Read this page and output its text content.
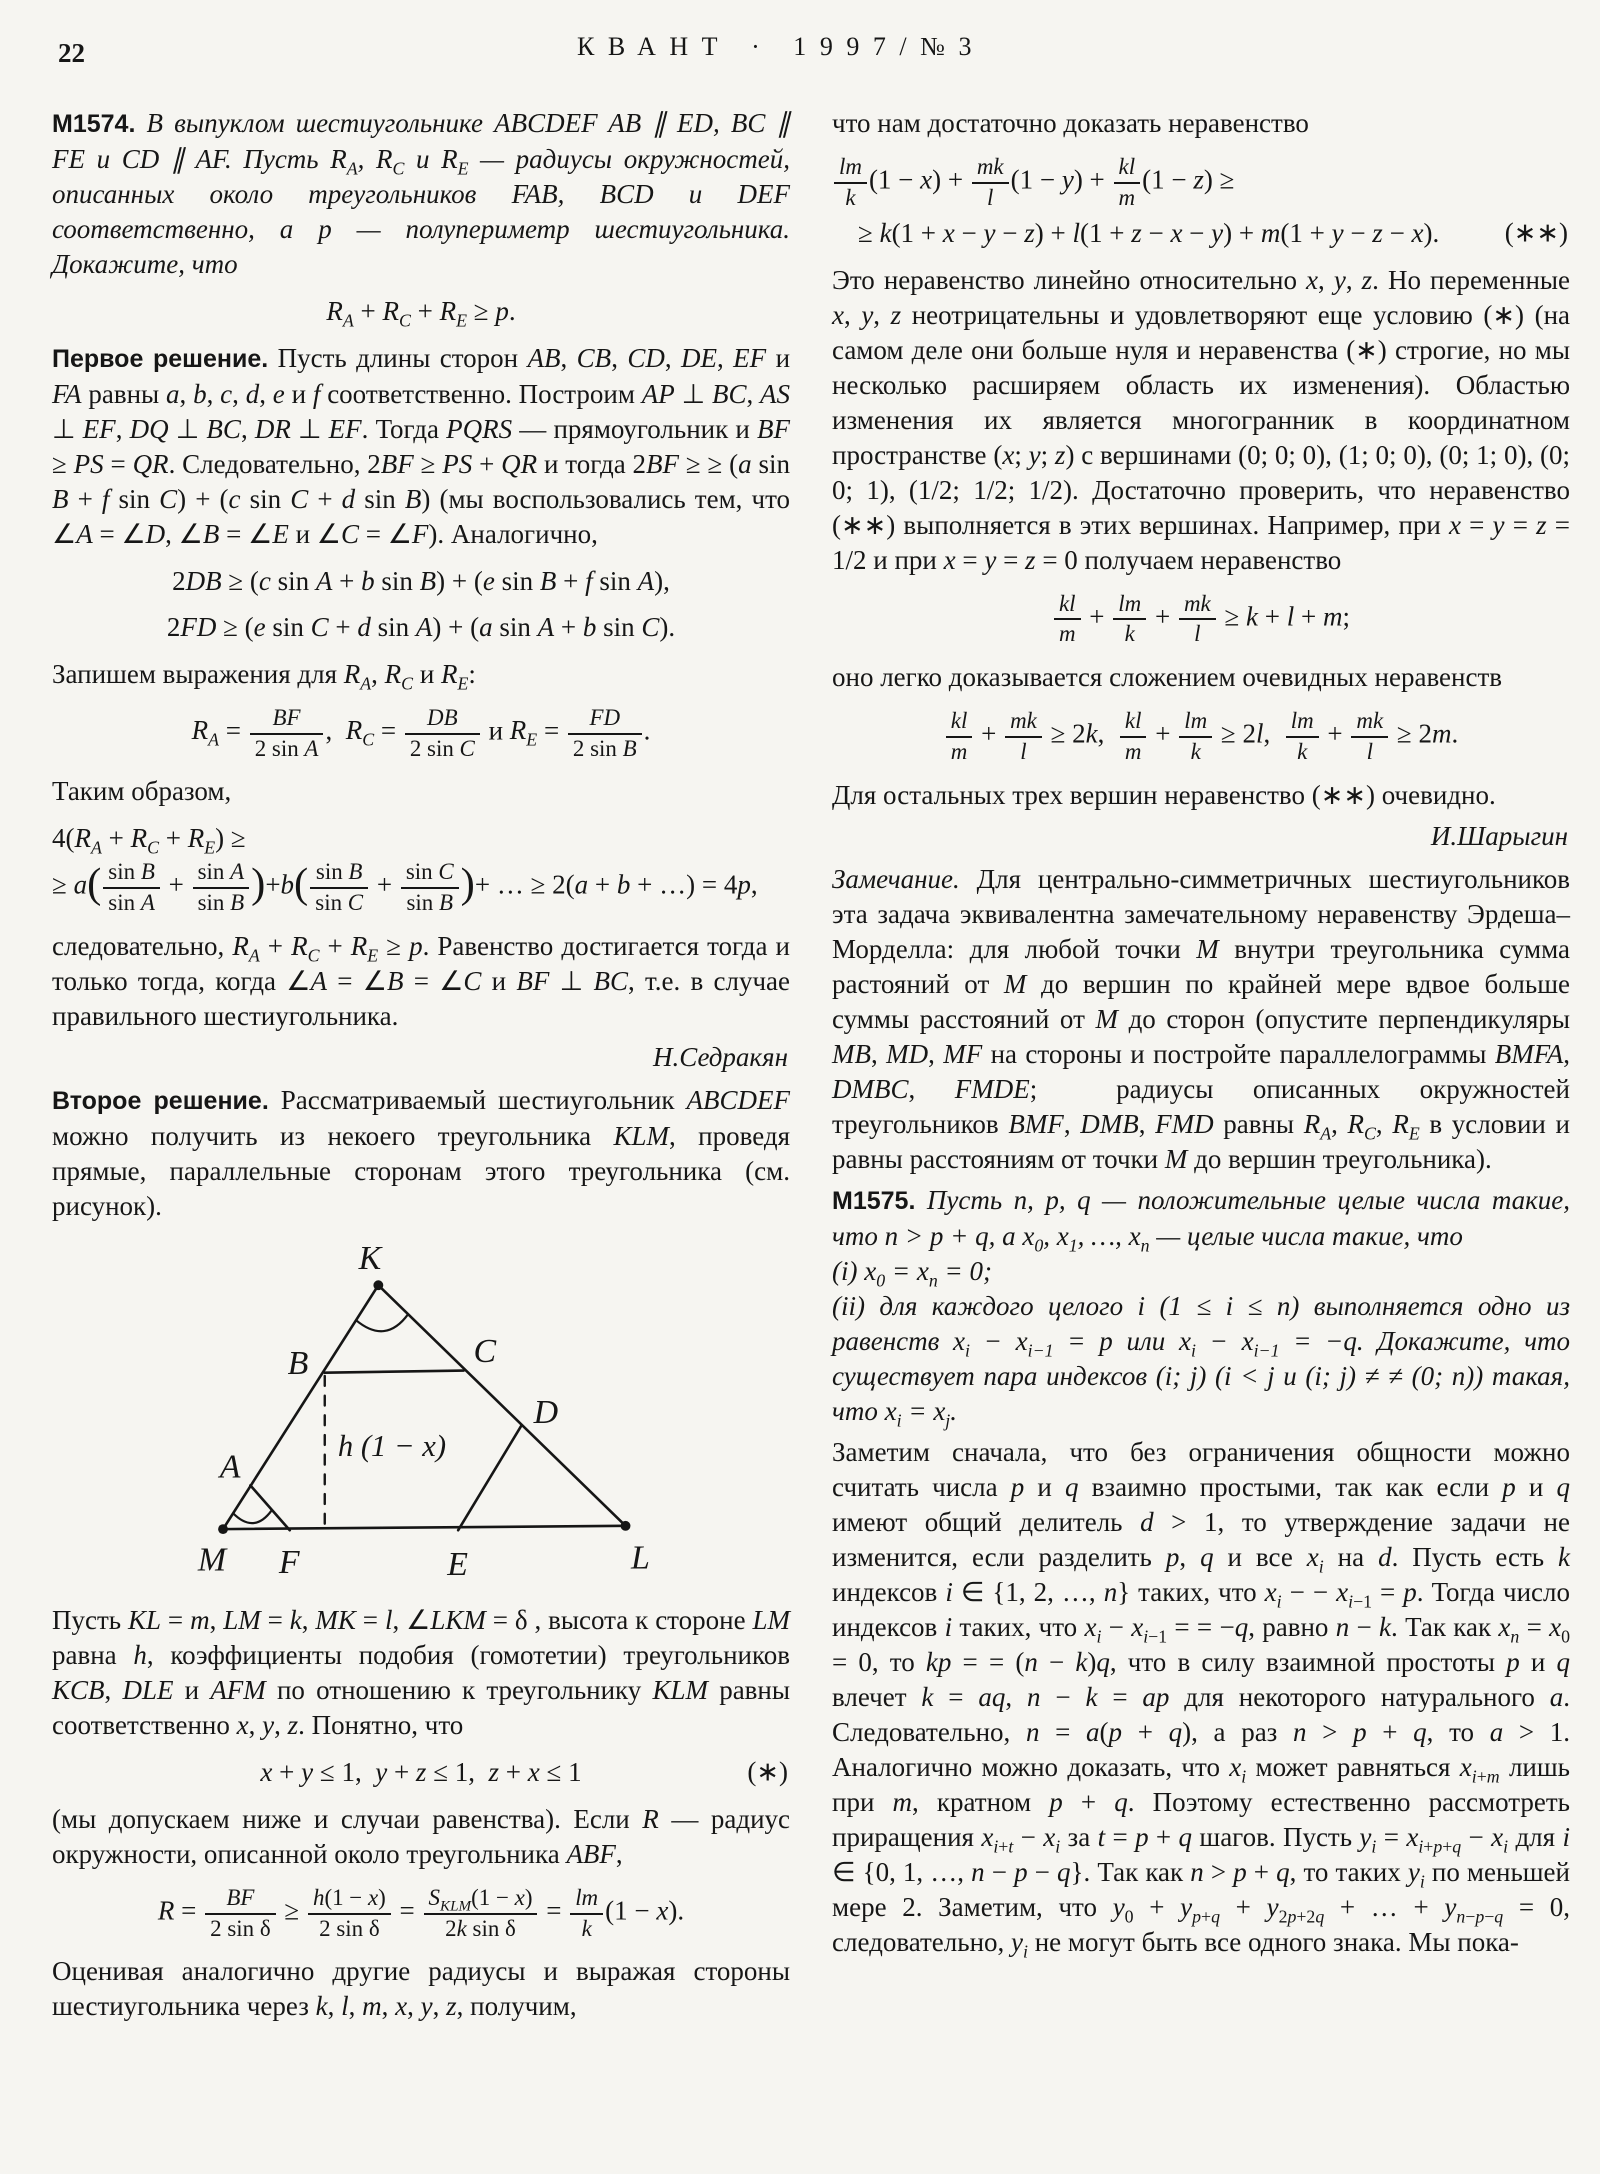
22	КВАНТ · 1997/№3

М1574. В выпуклом шестиугольнике ABCDEF AB ∥ ED, BC ∥ FE и CD ∥ AF. Пусть $R_A$, $R_C$ и $R_E$ — радиусы окружностей, описанных около треугольников FAB, BCD и DEF соответственно, а p — полупериметр шестиугольника. Докажите, что

$R_A + R_C + R_E \ge p$.

Первое решение. Пусть длины сторон AB, CB, CD, DE, EF и FA равны a, b, c, d, e и f соответственно. Построим AP ⊥ BC, AS ⊥ EF, DQ ⊥ BC, DR ⊥ EF. Тогда PQRS — прямоугольник и BF ≥ PS = QR. Следовательно, 2BF ≥ PS + QR и тогда 2BF ≥ ≥ (a sin B + f sin C) + (c sin C + d sin B) (мы воспользовались тем, что ∠A = ∠D, ∠B = ∠E и ∠C = ∠F). Аналогично,

2DB ≥ (c sin A + b sin B) + (e sin B + f sin A),
2FD ≥ (e sin C + d sin A) + (a sin A + b sin C).

Запишем выражения для $R_A$, $R_C$ и $R_E$:

$R_A = \frac{BF}{\text{2 sin A}}$ ,  $R_C = \frac{DB}{\text{2 sin C}}$ и $R_E = \frac{FD}{\text{2 sin B}}$ .

Таким образом,

$4(R_A + R_C + R_E)$ ≥
≥ $a( \frac{\text{sin B}}{\text{sin A}} + \frac{\text{sin A}}{\text{sin B}} )+b( \frac{\text{sin B}}{\text{sin C}} + \frac{\text{sin C}}{\text{sin B}}$ )+ … ≥ 2(a + b + …) = 4p,

следовательно, $R_A + R_C + R_E \ge p$. Равенство достигается тогда и только тогда, когда ∠A = ∠B = ∠C и BF ⊥ BC, т.е. в случае правильного шестиугольника.

Н.Седракян

Второе решение. Рассматриваемый шестиугольник ABCDEF можно получить из некоего треугольника KLM, проведя прямые, параллельные сторонам этого треугольника (см. рисунок).

K
B	C
D
A
M F	E	L
h (1 − x)

Пусть KL = m, LM = k, MK = l, ∠LKM = δ , высота к стороне LM равна h, коэффициенты подобия (гомотетии) треугольников KCB, DLE и AFM по отношению к треугольнику KLM равны соответственно x, y, z. Понятно, что

x + y ≤ 1,  y + z ≤ 1,  z + x ≤ 1	(∗)

(мы допускаем ниже и случаи равенства). Если R — радиус окружности, описанной около треугольника ABF,

$R = \frac{BF}{\text{2 sin δ}} \ge \frac{h(1 - x)}{\text{2 sin δ}} = S_{KLM}(1 - x)$
2k sin δ
= $\frac{lm}{k} (1 - x)$.

Оценивая аналогично другие радиусы и выражая стороны шестиугольника через k, l, m, x, y, z, получим,

что нам достаточно доказать неравенство

$\frac{lm}{k} (1 - x) + \frac{mk}{l} (1 - y) + \frac{kl}{m} (1 - z)$ ≥
≥ k(1 + x − y − z) + l(1 + z − x − y) + m(1 + y − z − x). (∗∗)

Это неравенство линейно относительно x, y, z. Но переменные x, y, z неотрицательны и удовлетворяют еще условию (∗) (на самом деле они больше нуля и неравенства (∗) строгие, но мы несколько расширяем область их изменения). Областью изменения их является многогранник в координатном пространстве (x; y; z) с вершинами (0; 0; 0), (1; 0; 0), (0; 1; 0), (0; 0; 1), (1/2; 1/2; 1/2). Достаточно проверить, что неравенство (∗∗) выполняется в этих вершинах. Например, при x = y = z = 1/2 и при x = y = z = 0 получаем неравенство

$\frac{kl}{m} + \frac{lm}{k} + \frac{mk}{l} \ge k + l + m$;

оно легко доказывается сложением очевидных неравенств

$\frac{kl}{m} + \frac{mk}{l} \ge 2k$, $\frac{kl}{m} + \frac{lm}{k} \ge 2l$, $\frac{lm}{k} + \frac{mk}{l} \ge 2m$.

Для остальных трех вершин неравенство (∗∗) очевидно.

И.Шарыгин

Замечание. Для центрально-симметричных шестиугольников эта задача эквивалентна замечательному неравенству Эрдеша–Морделла: для любой точки M внутри треугольника сумма растояний от M до вершин по крайней мере вдвое больше суммы расстояний от M до сторон (опустите перпендикуляры MB, MD, MF на стороны и постройте параллелограммы BMFA, DMBC, FMDE;  радиусы описанных окружностей треугольников BMF, DMB, FMD равны $R_A$, $R_C$, $R_E$ в условии и равны расстояниям от точки M до вершин треугольника).

М1575. Пусть n, p, q — положительные целые числа такие, что n > p + q, а $x_0$, $x_1$, …, $x_n$ — целые числа такие, что
(i) $x_0 = x_n = 0$;
(ii) для каждого целого i (1 ≤ i ≤ n) выполняется одно из равенств $x_i - x_{i-1} = p$ или $x_i - x_{i-1} = -q$. Докажите, что существует пара индексов (i; j) (i < j и (i; j) ≠ ≠ (0; n)) такая, что $x_i = x_j$.

Заметим сначала, что без ограничения общности можно считать числа p и q взаимно простыми, так как если p и q имеют общий делитель d > 1, то утверждение задачи не изменится, если разделить p, q и все $x_i$ на d. Пусть есть k индексов i ∈ {1, 2, …, n} таких, что $x_i$ − − $x_{i-1} = p$. Тогда число индексов i таких, что $x_i - x_{i-1}$ = = −q, равно n − k. Так как $x_n = x_0 = 0$, то kp = = (n − k)q, что в силу взаимной простоты p и q влечет k = aq, n − k = ap для некоторого натурального a. Следовательно, n = a(p + q), а раз n > p + q, то a > 1. Аналогично можно доказать, что $x_i$ может равняться $x_{i+m}$ лишь при m, кратном p + q. Поэтому естественно рассмотреть приращения $x_{i+t} - x_i$ за t = p + q шагов. Пусть $y_i = x_{i+p+q} - x_i$ для i ∈ {0, 1, …, n − p − q}. Так как n > p + q, то таких $y_i$ по меньшей мере 2. Заметим, что $y_0 + y_{p+q} + y_{2p+2q}$ + … + $y_{n-p-q} = 0$, следовательно, $y_i$ не могут быть все одного знака. Мы пока-
